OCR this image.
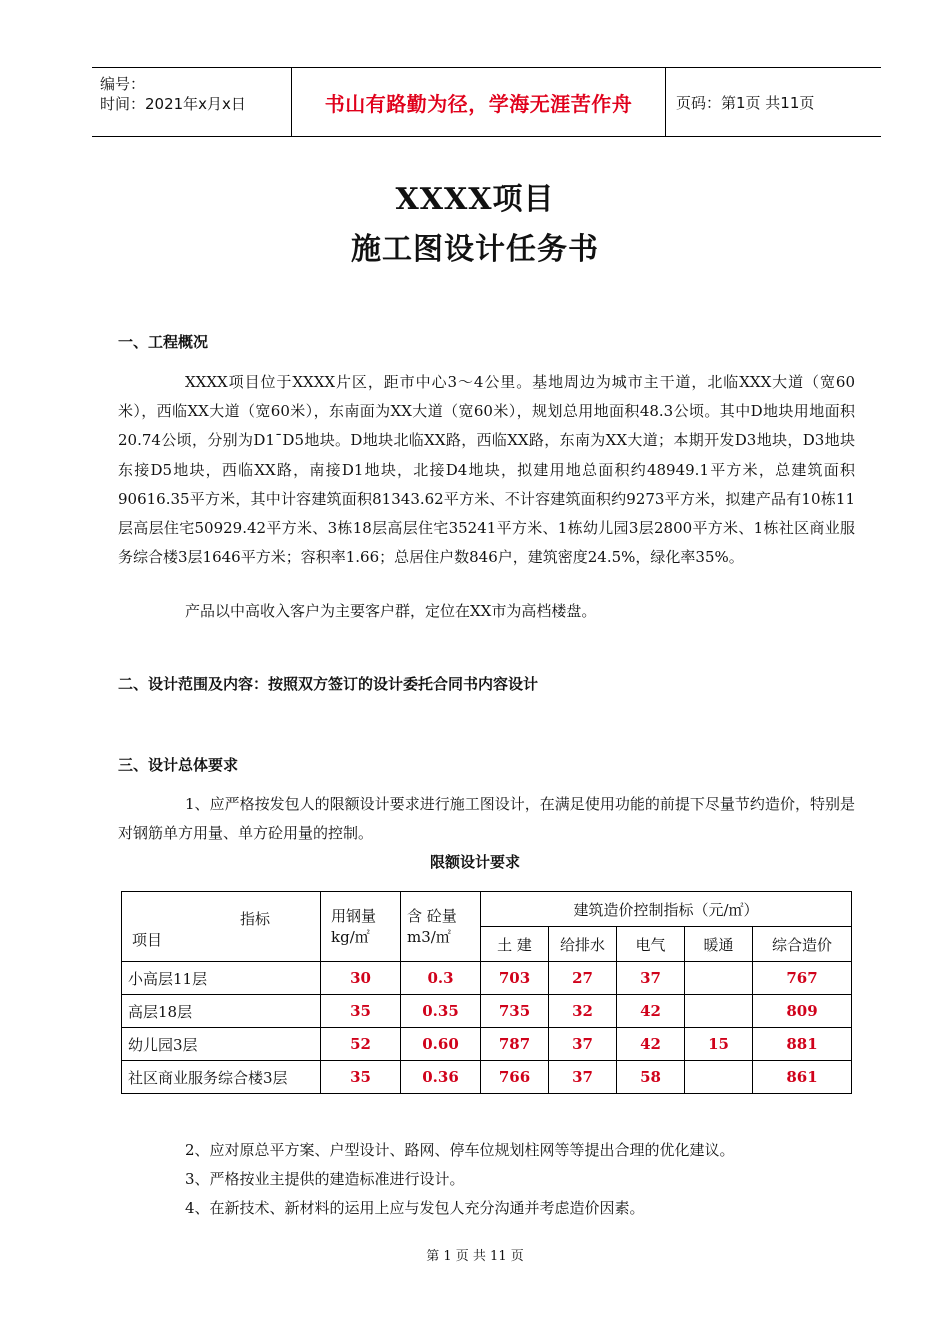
编号：
时间：2021年x月x日	书山有路勤为径，学海无涯苦作舟	页码：第1页 共11页
XXXX项目
施工图设计任务书
一、工程概况
XXXX项目位于XXXX片区，距市中心3～4公里。基地周边为城市主干道，北临XXX大道（宽60米），西临XX大道（宽60米），东南面为XX大道（宽60米），规划总用地面积48.3公顷。其中D地块用地面积20.74公顷，分别为D1¯D5地块。D地块北临XX路，西临XX路，东南为XX大道；本期开发D3地块，D3地块东接D5地块，西临XX路，南接D1地块，北接D4地块，拟建用地总面积约48949.1平方米，总建筑面积90616.35平方米，其中计容建筑面积81343.62平方米、不计容建筑面积约9273平方米，拟建产品有10栋11层高层住宅50929.42平方米、3栋18层高层住宅35241平方米、1栋幼儿园3层2800平方米、1栋社区商业服务综合楼3层1646平方米；容积率1.66；总居住户数846户，建筑密度24.5%，绿化率35%。
产品以中高收入客户为主要客户群，定位在XX市为高档楼盘。
二、设计范围及内容：按照双方签订的设计委托合同书内容设计
三、设计总体要求
1、应严格按发包人的限额设计要求进行施工图设计，在满足使用功能的前提下尽量节约造价，特别是对钢筋单方用量、单方砼用量的控制。
限额设计要求
指标
项目	用钢量kg/㎡	含 砼量m3/㎡	建筑造价控制指标（元/㎡）				
			土 建	给排水	电气	暖通	综合造价
小高层11层	30	0.3	703	27	37		767
高层18层	35	0.35	735	32	42		809
幼儿园3层	52	0.60	787	37	42	15	881
社区商业服务综合楼3层	35	0.36	766	37	58		861
2、应对原总平方案、户型设计、路网、停车位规划柱网等等提出合理的优化建议。
3、严格按业主提供的建造标准进行设计。
4、在新技术、新材料的运用上应与发包人充分沟通并考虑造价因素。
第 1 页 共 11 页
